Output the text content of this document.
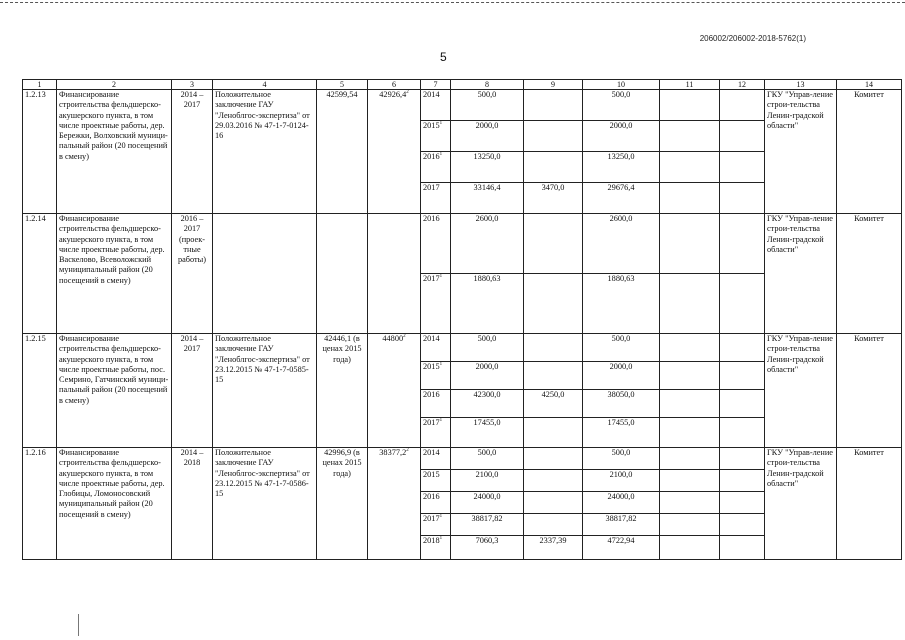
206002/206002-2018-5762(1)
5
1	2	3	4	5	6	7	8	9	10	11	12	13	14
1.2.13	Финансирование строительства фельдшерско-акушерского пункта, в том числе проектные работы, дер. Бережки, Волховский муници-пальный район (20 посещений в смену)	2014 – 2017	Положительное заключение ГАУ "Леноблгос-экспертиза" от 29.03.2016 № 47-1-7-0124-16	42599,54	42926,4$^2$	2014	500,0		500,0			ГКУ "Управ-ление строи-тельства Ленин-градской области"	Комитет
						2015$^1$	2000,0		2000,0				
						2016$^1$	13250,0		13250,0				
						2017	33146,4	3470,0	29676,4				
1.2.14	Финансирование строительства фельдшерско-акушерского пункта, в том числе проектные работы, дер. Васкелово, Всеволожский муниципальный район (20 посещений в смену)	2016 – 2017 (проек-тные работы)				2016	2600,0		2600,0			ГКУ "Управ-ление строи-тельства Ленин-градской области"	Комитет
						2017$^1$	1880,63		1880,63				
1.2.15	Финансирование строительства фельдшерско-акушерского пункта, в том числе проектные работы, пос. Семрино, Гатчинский муници-пальный район (20 посещений в смену)	2014 – 2017	Положительное заключение ГАУ "Леноблгос-экспертиза" от 23.12.2015 № 47-1-7-0585-15	42446,1 (в ценах 2015 года)	44800$^2$	2014	500,0		500,0			ГКУ "Управ-ление строи-тельства Ленин-градской области"	Комитет
						2015$^1$	2000,0		2000,0				
						2016	42300,0	4250,0	38050,0				
						2017$^1$	17455,0		17455,0				
1.2.16	Финансирование строительства фельдшерско-акушерского пункта, в том числе проектные работы, дер. Глобицы, Ломоносовский муниципальный район (20 посещений в смену)	2014 – 2018	Положительное заключение ГАУ "Леноблгос-экспертиза" от 23.12.2015 № 47-1-7-0586-15	42996,9 (в ценах 2015 года)	38377,2$^2$	2014	500,0		500,0			ГКУ "Управ-ление строи-тельства Ленин-градской области"	Комитет
						2015	2100,0		2100,0				
						2016	24000,0		24000,0				
						2017$^1$	38817,82		38817,82				
						2018$^1$	7060,3	2337,39	4722,94				
